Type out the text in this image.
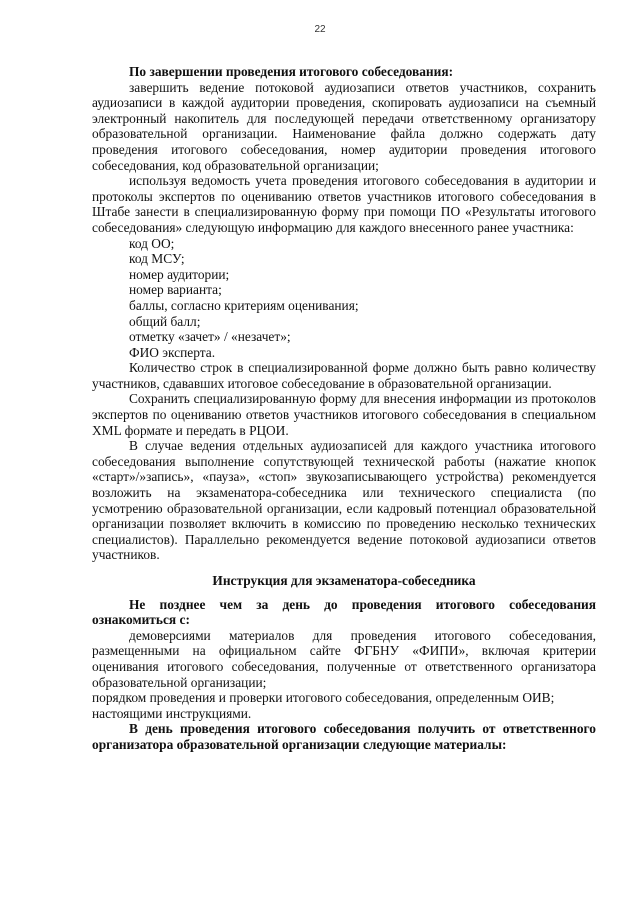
22

По завершении проведения итогового собеседования:

завершить ведение потоковой аудиозаписи ответов участников, сохранить аудиозаписи в каждой аудитории проведения, скопировать аудиозаписи на съемный электронный накопитель для последующей передачи ответственному организатору образовательной организации. Наименование файла должно содержать дату проведения итогового собеседования, номер аудитории проведения итогового собеседования, код образовательной организации;

используя ведомость учета проведения итогового собеседования в аудитории и протоколы экспертов по оцениванию ответов участников итогового собеседования в Штабе занести в специализированную форму при помощи ПО «Результаты итогового собеседования» следующую информацию для каждого внесенного ранее участника:

код ОО;

код МСУ;

номер аудитории;

номер варианта;

баллы, согласно критериям оценивания;

общий балл;

отметку «зачет» / «незачет»;

ФИО эксперта.

Количество строк в специализированной форме должно быть равно количеству участников, сдававших итоговое собеседование в образовательной организации.

Сохранить специализированную форму для внесения информации из протоколов экспертов по оцениванию ответов участников итогового собеседования в специальном XML формате и передать в РЦОИ.

В случае ведения отдельных аудиозаписей для каждого участника итогового собеседования выполнение сопутствующей технической работы (нажатие кнопок «старт»/»запись», «пауза», «стоп» звукозаписывающего устройства) рекомендуется возложить на экзаменатора-собеседника или технического специалиста (по усмотрению образовательной организации, если кадровый потенциал образовательной организации позволяет включить в комиссию по проведению несколько технических специалистов). Параллельно рекомендуется ведение потоковой аудиозаписи ответов участников.

Инструкция для экзаменатора-собеседника

Не позднее чем за день до проведения итогового собеседования ознакомиться с:

демоверсиями материалов для проведения итогового собеседования, размещенными на официальном сайте ФГБНУ «ФИПИ», включая критерии оценивания итогового собеседования, полученные от ответственного организатора образовательной организации;

порядком проведения и проверки итогового собеседования, определенным ОИВ;

настоящими инструкциями.

В день проведения итогового собеседования получить от ответственного организатора образовательной организации следующие материалы:
